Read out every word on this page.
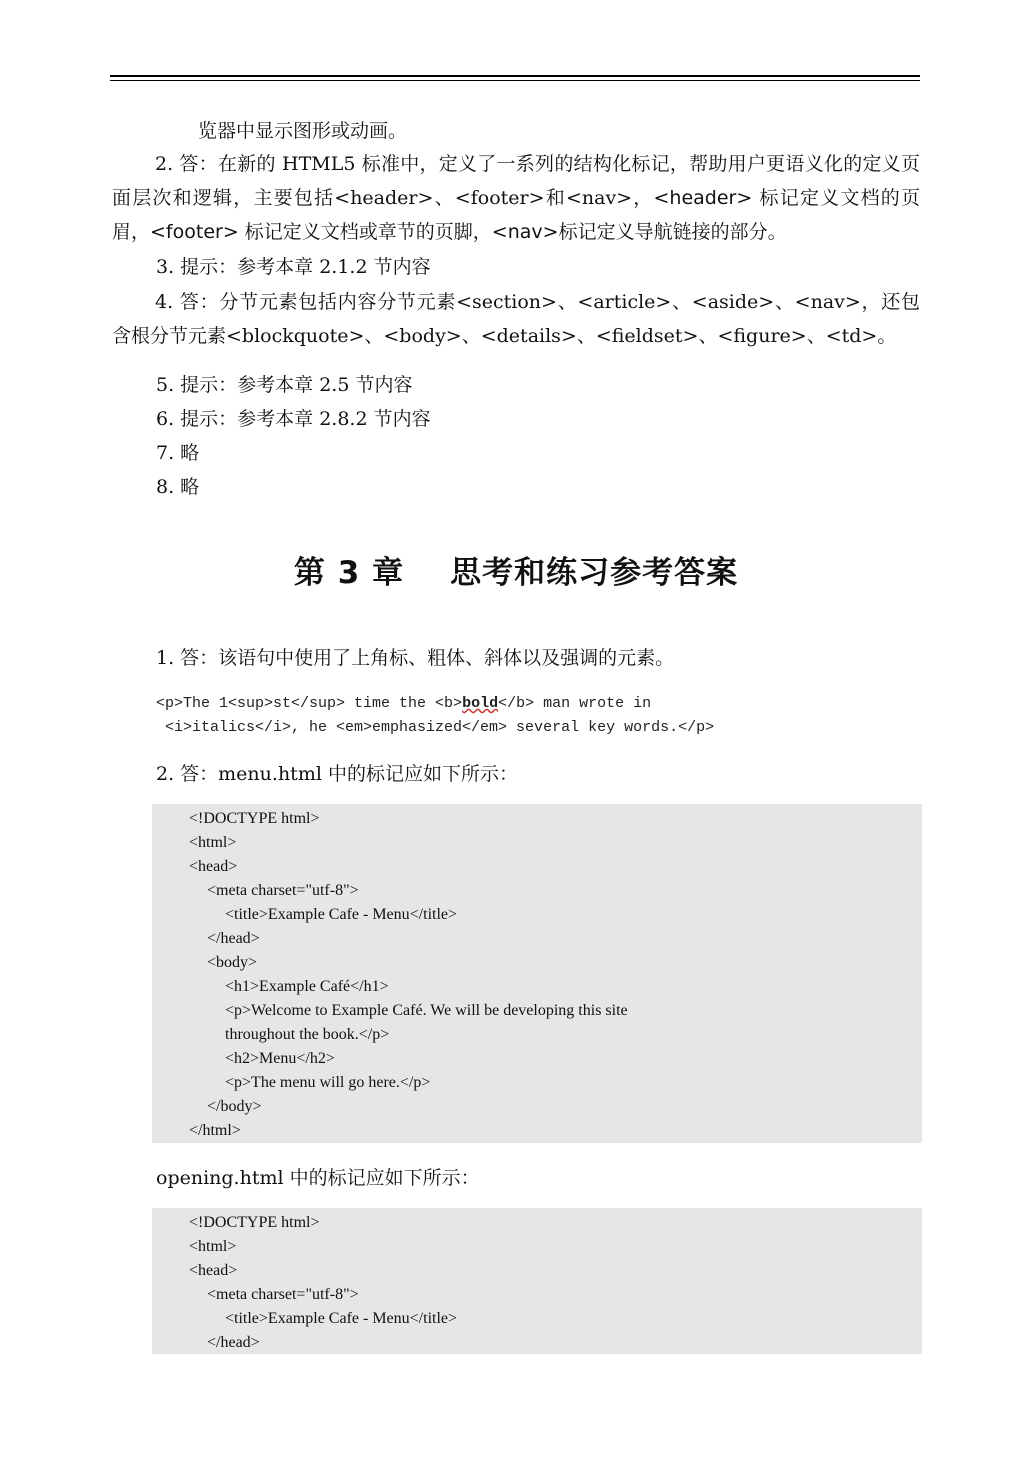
览器中显示图形或动画。
2. 答：在新的 HTML5 标准中，定义了一系列的结构化标记，帮助用户更语义化的定义页面层次和逻辑，主要包括<header>、<footer>和<nav>，<header> 标记定义文档的页眉，<footer> 标记定义文档或章节的页脚，<nav>标记定义导航链接的部分。
3. 提示：参考本章 2.1.2 节内容
4. 答：分节元素包括内容分节元素<section>、<article>、<aside>、<nav>，还包含根分节元素<blockquote>、<body>、<details>、<fieldset>、<figure>、<td>。
5. 提示：参考本章 2.5 节内容
6. 提示：参考本章 2.8.2 节内容
7. 略
8. 略
第 3 章 思考和练习参考答案
1. 答：该语句中使用了上角标、粗体、斜体以及强调的元素。
<p>The 1<sup>st</sup> time the <b>bold</b> man wrote in
<i>italics</i>, he <em>emphasized</em> several key words.</p>
2. 答：menu.html 中的标记应如下所示：
<!DOCTYPE html>
<html>
<head>
<meta charset="utf-8">
<title>Example Cafe - Menu</title>
</head>
<body>
<h1>Example Café</h1>
<p>Welcome to Example Café. We will be developing this site
throughout the book.</p>
<h2>Menu</h2>
<p>The menu will go here.</p>
</body>
</html>
opening.html 中的标记应如下所示：
<!DOCTYPE html>
<html>
<head>
<meta charset="utf-8">
<title>Example Cafe - Menu</title>
</head>
